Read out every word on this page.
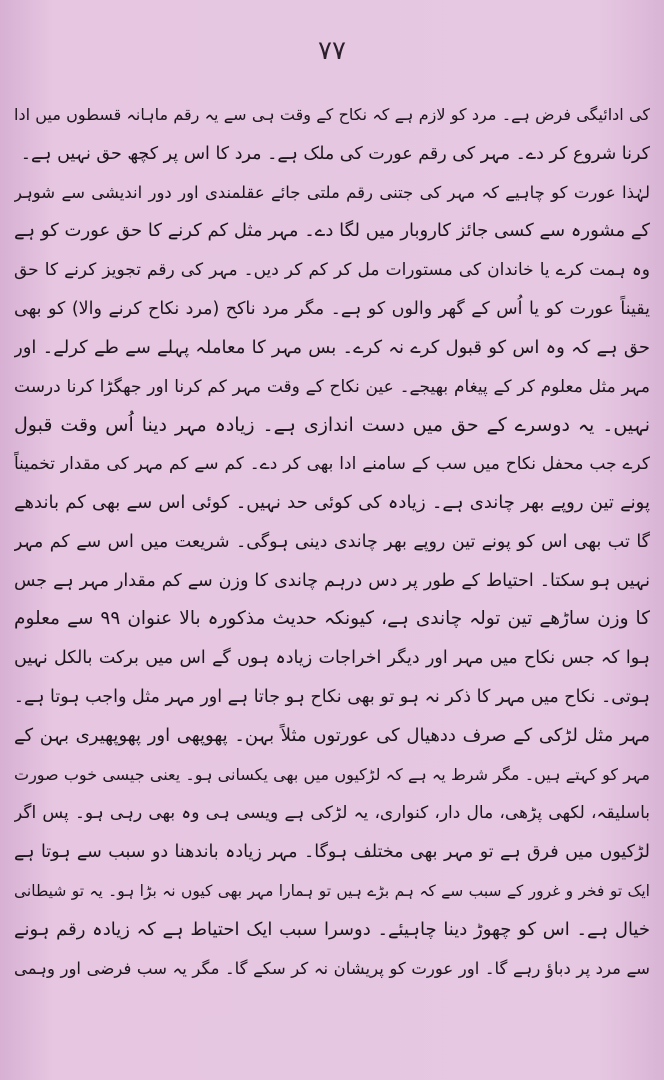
۷۷
کی ادائیگی فرض ہے۔ مرد کو لازم ہے کہ نکاح کے وقت ہی سے یہ رقم ماہانہ قسطوں میں ادا
کرنا شروع کر دے۔ مہر کی رقم عورت کی ملک ہے۔ مرد کا اس پر کچھ حق نہیں ہے۔
لہٰذا عورت کو چاہیے کہ مہر کی جتنی رقم ملتی جائے عقلمندی اور دور اندیشی سے شوہر
کے مشورہ سے کسی جائز کاروبار میں لگا دے۔ مہر مثل کم کرنے کا حق عورت کو ہے
وہ ہمت کرے یا خاندان کی مستورات مل کر کم کر دیں۔ مہر کی رقم تجویز کرنے کا حق
یقیناً عورت کو یا اُس کے گھر والوں کو ہے۔ مگر مرد ناکح (مرد نکاح کرنے والا) کو بھی
حق ہے کہ وہ اس کو قبول کرے نہ کرے۔ بس مہر کا معاملہ پہلے سے طے کرلے۔ اور
مہر مثل معلوم کر کے پیغام بھیجے۔ عین نکاح کے وقت مہر کم کرنا اور جھگڑا کرنا درست
نہیں۔ یہ دوسرے کے حق میں دست اندازی ہے۔ زیادہ مہر دینا اُس وقت قبول
کرے جب محفل نکاح میں سب کے سامنے ادا بھی کر دے۔ کم سے کم مہر کی مقدار تخمیناً
پونے تین روپے بھر چاندی ہے۔ زیادہ کی کوئی حد نہیں۔ کوئی اس سے بھی کم باندھے
گا تب بھی اس کو پونے تین روپے بھر چاندی دینی ہوگی۔ شریعت میں اس سے کم مہر
نہیں ہو سکتا۔ احتیاط کے طور پر دس درہم چاندی کا وزن سے کم مقدار مہر ہے جس
کا وزن ساڑھے تین تولہ چاندی ہے، کیونکہ حدیث مذکورہ بالا عنوان ۹۹ سے معلوم
ہوا کہ جس نکاح میں مہر اور دیگر اخراجات زیادہ ہوں گے اس میں برکت بالکل نہیں
ہوتی۔ نکاح میں مہر کا ذکر نہ ہو تو بھی نکاح ہو جاتا ہے اور مہر مثل واجب ہوتا ہے۔
مہر مثل لڑکی کے صرف ددھیال کی عورتوں مثلاً بہن۔ پھوپھی اور پھوپھیری بہن کے
مہر کو کہتے ہیں۔ مگر شرط یہ ہے کہ لڑکیوں میں بھی یکسانی ہو۔ یعنی جیسی خوب صورت
باسلیقہ، لکھی پڑھی، مال دار، کنواری، یہ لڑکی ہے ویسی ہی وہ بھی رہی ہو۔ پس اگر
لڑکیوں میں فرق ہے تو مہر بھی مختلف ہوگا۔ مہر زیادہ باندھنا دو سبب سے ہوتا ہے
ایک تو فخر و غرور کے سبب سے کہ ہم بڑے ہیں تو ہمارا مہر بھی کیوں نہ بڑا ہو۔ یہ تو شیطانی
خیال ہے۔ اس کو چھوڑ دینا چاہیئے۔ دوسرا سبب ایک احتیاط ہے کہ زیادہ رقم ہونے
سے مرد پر دباؤ رہے گا۔ اور عورت کو پریشان نہ کر سکے گا۔ مگر یہ سب فرضی اور وہمی
